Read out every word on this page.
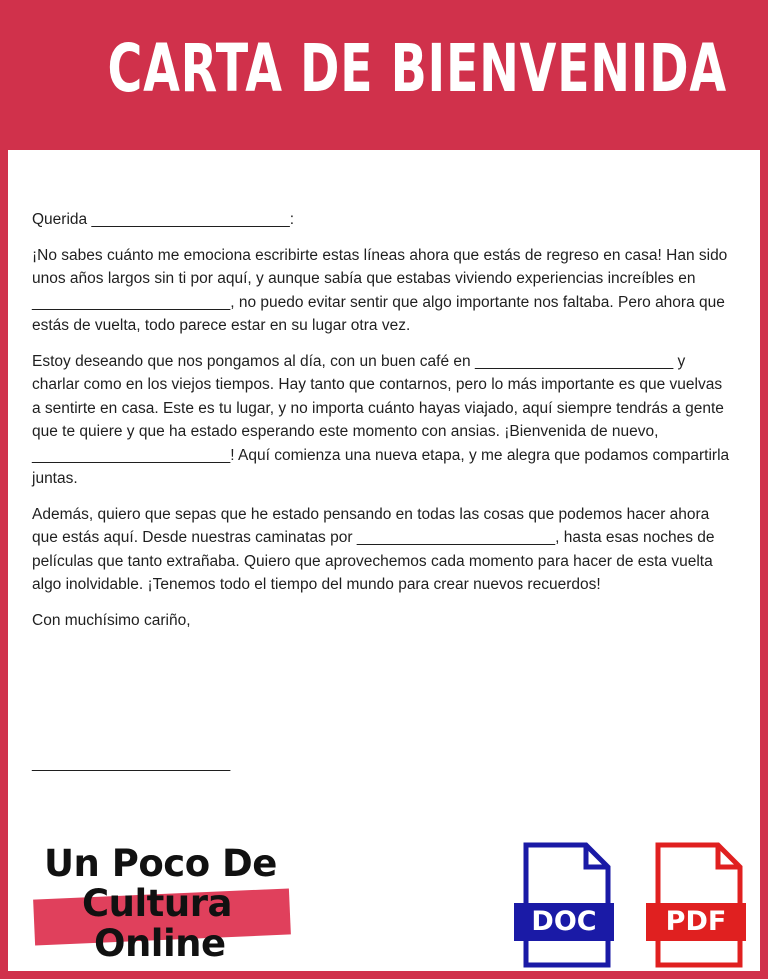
CARTA DE BIENVENIDA

Querida _______________________:

¡No sabes cuánto me emociona escribirte estas líneas ahora que estás de regreso en casa! Han sido unos años largos sin ti por aquí, y aunque sabía que estabas viviendo experiencias increíbles en _______________________, no puedo evitar sentir que algo importante nos faltaba. Pero ahora que estás de vuelta, todo parece estar en su lugar otra vez.

Estoy deseando que nos pongamos al día, con un buen café en _______________________ y charlar como en los viejos tiempos. Hay tanto que contarnos, pero lo más importante es que vuelvas a sentirte en casa. Este es tu lugar, y no importa cuánto hayas viajado, aquí siempre tendrás a gente que te quiere y que ha estado esperando este momento con ansias. ¡Bienvenida de nuevo, _______________________! Aquí comienza una nueva etapa, y me alegra que podamos compartirla juntas.

Además, quiero que sepas que he estado pensando en todas las cosas que podemos hacer ahora que estás aquí. Desde nuestras caminatas por _______________________, hasta esas noches de películas que tanto extrañaba. Quiero que aprovechemos cada momento para hacer de esta vuelta algo inolvidable. ¡Tenemos todo el tiempo del mundo para crear nuevos recuerdos!

Con muchísimo cariño,

_______________________
Un Poco De
Cultura
Online
DOC	PDF
